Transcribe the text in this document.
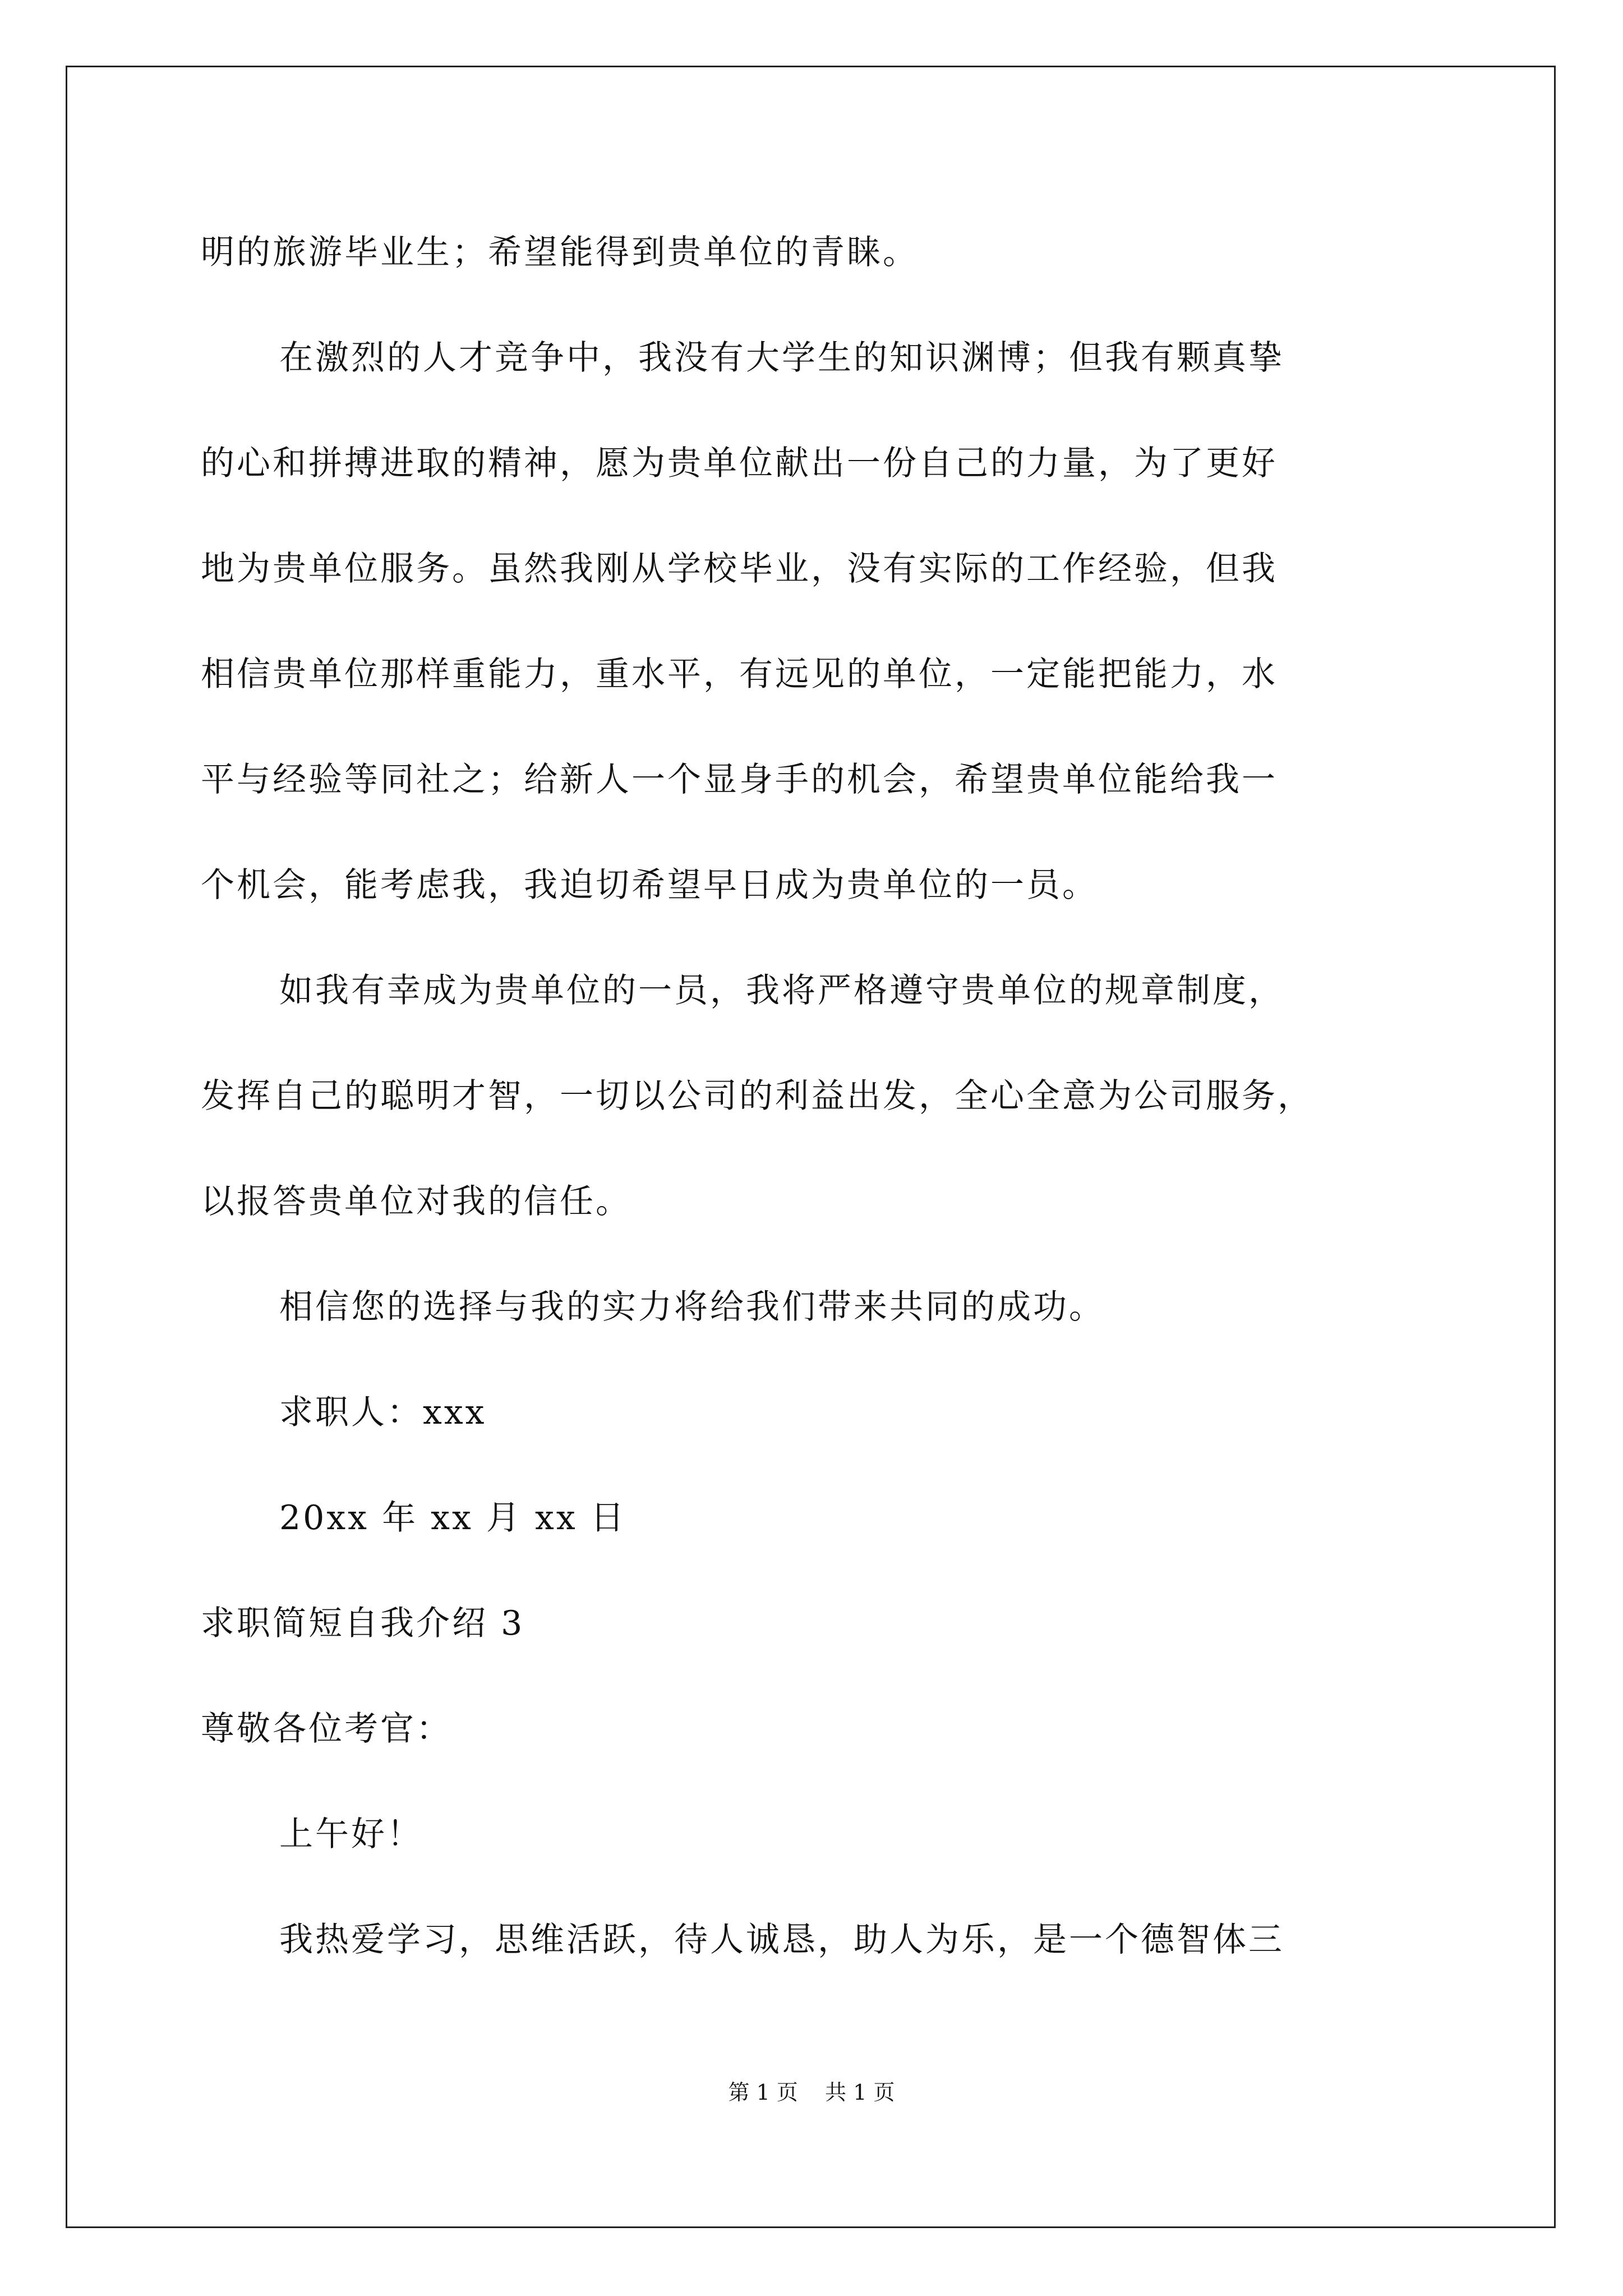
明的旅游毕业生；希望能得到贵单位的青睐。
在激烈的人才竞争中，我没有大学生的知识渊博；但我有颗真挚
的心和拼搏进取的精神，愿为贵单位献出一份自己的力量，为了更好
地为贵单位服务。虽然我刚从学校毕业，没有实际的工作经验，但我
相信贵单位那样重能力，重水平，有远见的单位，一定能把能力，水
平与经验等同社之；给新人一个显身手的机会，希望贵单位能给我一
个机会，能考虑我，我迫切希望早日成为贵单位的一员。
如我有幸成为贵单位的一员，我将严格遵守贵单位的规章制度，
发挥自己的聪明才智，一切以公司的利益出发，全心全意为公司服务，
以报答贵单位对我的信任。
相信您的选择与我的实力将给我们带来共同的成功。
求职人：xxx
20xx 年 xx 月 xx 日
求职简短自我介绍 3
尊敬各位考官：
上午好！
我热爱学习，思维活跃，待人诚恳，助人为乐，是一个德智体三
第 1 页    共 1 页
